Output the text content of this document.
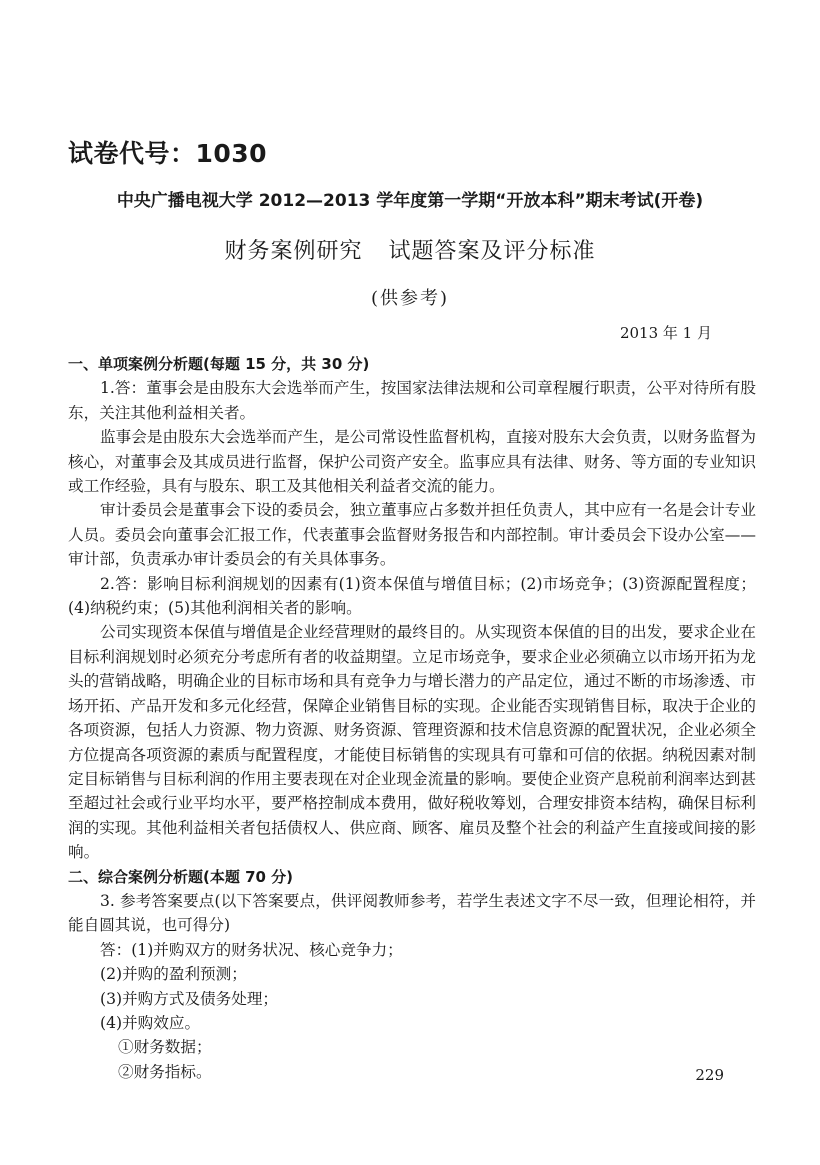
试卷代号：1030
中央广播电视大学 2012—2013 学年度第一学期“开放本科”期末考试(开卷)
财务案例研究 试题答案及评分标准
(供参考)
2013 年 1 月

一、单项案例分析题(每题 15 分，共 30 分)

1.答：董事会是由股东大会选举而产生，按国家法律法规和公司章程履行职责，公平对待所有股东，关注其他利益相关者。

监事会是由股东大会选举而产生，是公司常设性监督机构，直接对股东大会负责，以财务监督为核心，对董事会及其成员进行监督，保护公司资产安全。监事应具有法律、财务、等方面的专业知识或工作经验，具有与股东、职工及其他相关利益者交流的能力。

审计委员会是董事会下设的委员会，独立董事应占多数并担任负责人，其中应有一名是会计专业人员。委员会向董事会汇报工作，代表董事会监督财务报告和内部控制。审计委员会下设办公室——审计部，负责承办审计委员会的有关具体事务。

2.答：影响目标利润规划的因素有(1)资本保值与增值目标；(2)市场竞争；(3)资源配置程度；(4)纳税约束；(5)其他利润相关者的影响。

公司实现资本保值与增值是企业经营理财的最终目的。从实现资本保值的目的出发，要求企业在目标利润规划时必须充分考虑所有者的收益期望。立足市场竞争，要求企业必须确立以市场开拓为龙头的营销战略，明确企业的目标市场和具有竞争力与增长潜力的产品定位，通过不断的市场渗透、市场开拓、产品开发和多元化经营，保障企业销售目标的实现。企业能否实现销售目标，取决于企业的各项资源，包括人力资源、物力资源、财务资源、管理资源和技术信息资源的配置状况，企业必须全方位提高各项资源的素质与配置程度，才能使目标销售的实现具有可靠和可信的依据。纳税因素对制定目标销售与目标利润的作用主要表现在对企业现金流量的影响。要使企业资产息税前利润率达到甚至超过社会或行业平均水平，要严格控制成本费用，做好税收筹划，合理安排资本结构，确保目标利润的实现。其他利益相关者包括债权人、供应商、顾客、雇员及整个社会的利益产生直接或间接的影响。

二、综合案例分析题(本题 70 分)

3. 参考答案要点(以下答案要点，供评阅教师参考，若学生表述文字不尽一致，但理论相符，并能自圆其说，也可得分)

答：(1)并购双方的财务状况、核心竞争力；

(2)并购的盈利预测；

(3)并购方式及债务处理；

(4)并购效应。

①财务数据；

②财务指标。	229
